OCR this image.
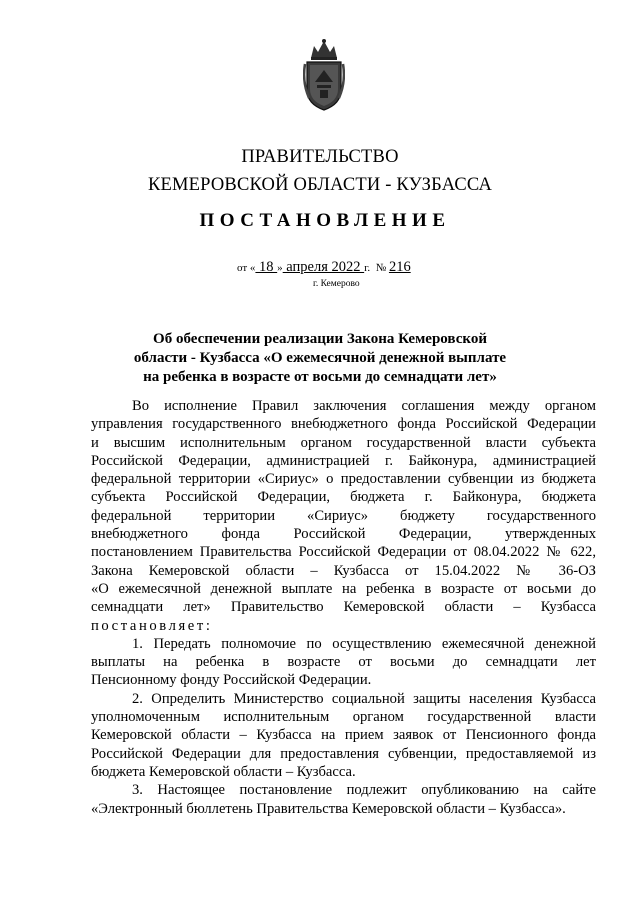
ПРАВИТЕЛЬСТВО
КЕМЕРОВСКОЙ ОБЛАСТИ - КУЗБАССА
ПОСТАНОВЛЕНИЕ
от « 18 » апреля 2022 г. № 216
г. Кемерово
Об обеспечении реализации Закона Кемеровской
области - Кузбасса «О ежемесячной денежной выплате
на ребенка в возрасте от восьми до семнадцати лет»
Во исполнение Правил заключения соглашения между органом
управления государственного внебюджетного фонда Российской Федерации
и высшим исполнительным органом государственной власти субъекта
Российской Федерации, администрацией г. Байконура, администрацией
федеральной территории «Сириус» о предоставлении субвенции из бюджета
субъекта Российской Федерации, бюджета г. Байконура, бюджета
федеральной территории «Сириус» бюджету государственного
внебюджетного фонда Российской Федерации, утвержденных
постановлением Правительства Российской Федерации от 08.04.2022 № 622,
Закона Кемеровской области – Кузбасса от 15.04.2022 № 36-ОЗ
«О ежемесячной денежной выплате на ребенка в возрасте от восьми до
семнадцати лет» Правительство Кемеровской области – Кузбасса
постановляет:
1. Передать полномочие по осуществлению ежемесячной денежной
выплаты на ребенка в возрасте от восьми до семнадцати лет
Пенсионному фонду Российской Федерации.
2. Определить Министерство социальной защиты населения Кузбасса
уполномоченным исполнительным органом государственной власти
Кемеровской области – Кузбасса на прием заявок от Пенсионного фонда
Российской Федерации для предоставления субвенции, предоставляемой из
бюджета Кемеровской области – Кузбасса.
3. Настоящее постановление подлежит опубликованию на сайте
«Электронный бюллетень Правительства Кемеровской области – Кузбасса».
